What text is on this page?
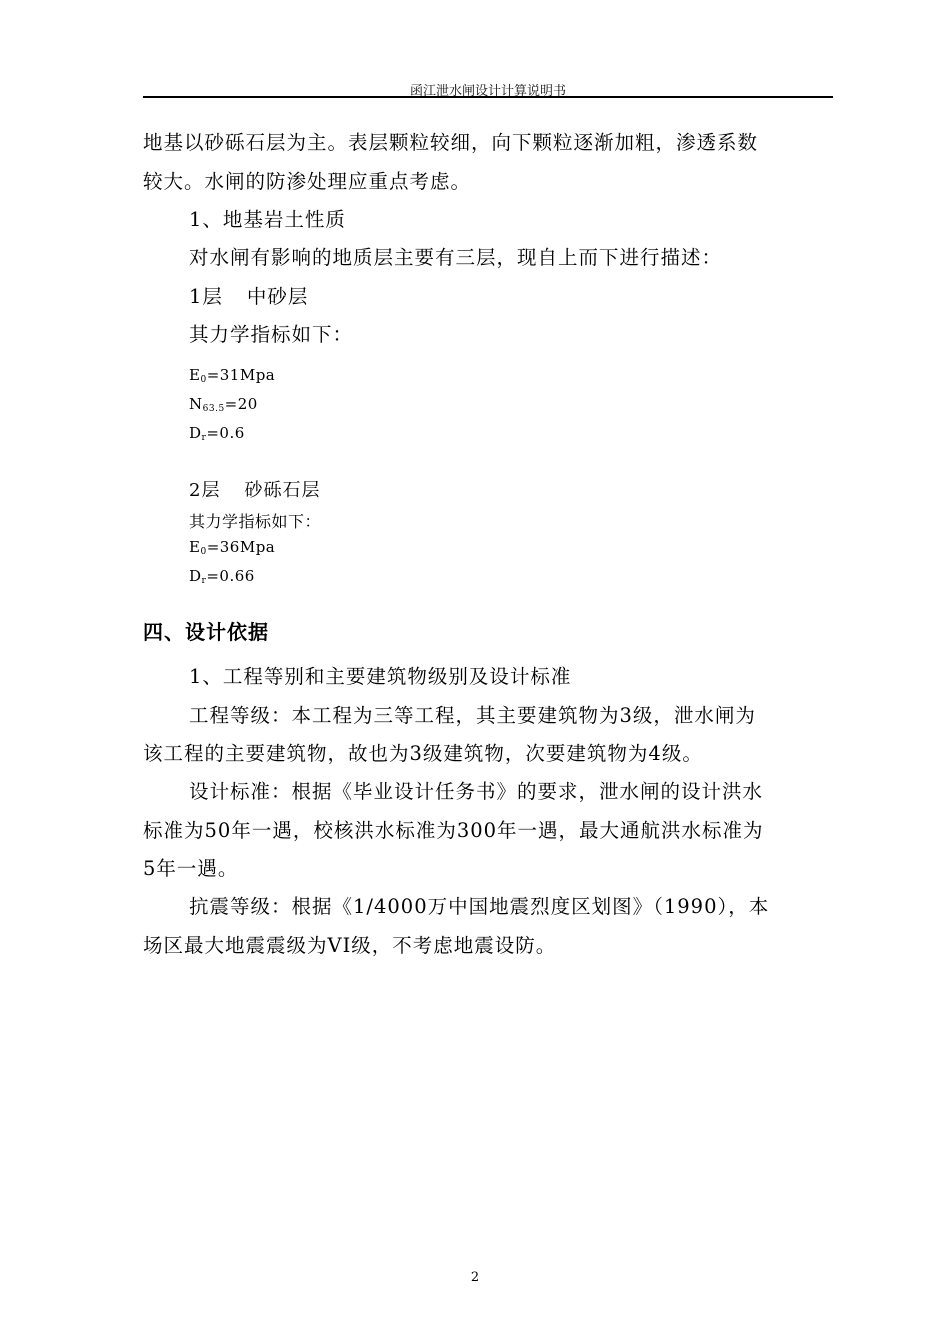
函江泄水闸设计计算说明书
地基以砂砾石层为主。表层颗粒较细，向下颗粒逐渐加粗，渗透系数
较大。水闸的防渗处理应重点考虑。
1、地基岩土性质
对水闸有影响的地质层主要有三层，现自上而下进行描述：
1层 中砂层
其力学指标如下：
$E_0=31Mpa$
$N_{63.5}=20$
$D_r=0.6$
2层 砂砾石层
其力学指标如下：
$E_0=36Mpa$
$D_r=0.66$
四、设计依据
1、工程等别和主要建筑物级别及设计标准
工程等级：本工程为三等工程，其主要建筑物为3级，泄水闸为
该工程的主要建筑物，故也为3级建筑物，次要建筑物为4级。
设计标准：根据《毕业设计任务书》的要求，泄水闸的设计洪水
标准为50年一遇，校核洪水标准为300年一遇，最大通航洪水标准为
5年一遇。
抗震等级：根据《1/4000万中国地震烈度区划图》（1990），本
场区最大地震震级为VI级，不考虑地震设防。
2
